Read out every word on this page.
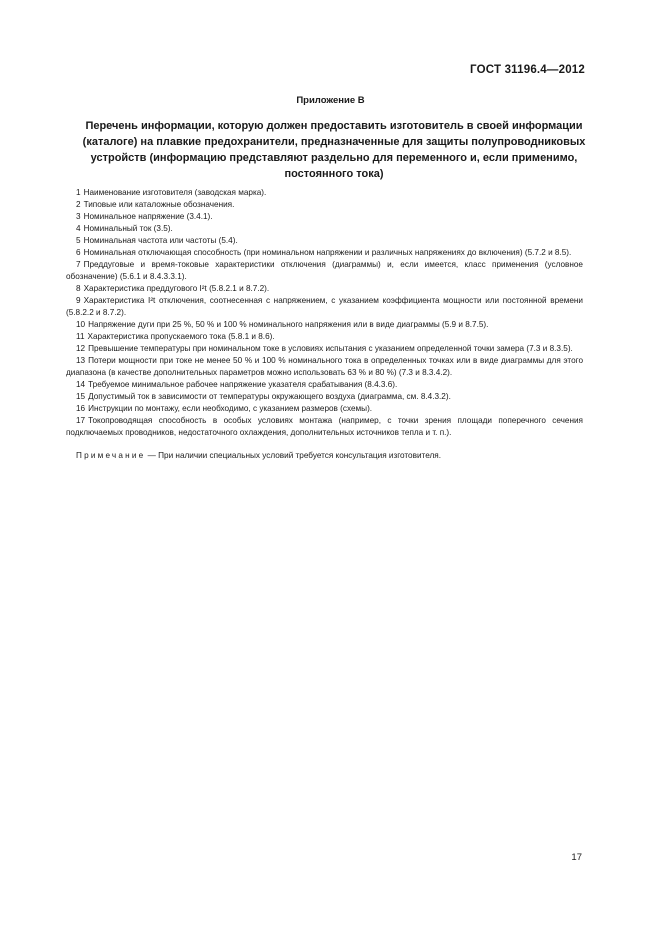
ГОСТ 31196.4—2012
Приложение В
Перечень информации, которую должен предоставить изготовитель в своей информации (каталоге) на плавкие предохранители, предназначенные для защиты полупроводниковых устройств (информацию представляют раздельно для переменного и, если применимо, постоянного тока)

1 Наименование изготовителя (заводская марка).

2 Типовые или каталожные обозначения.

3 Номинальное напряжение (3.4.1).

4 Номинальный ток (3.5).

5 Номинальная частота или частоты (5.4).

6 Номинальная отключающая способность (при номинальном напряжении и различных напряжениях до включения) (5.7.2 и 8.5).

7 Преддуговые и время-токовые характеристики отключения (диаграммы) и, если имеется, класс применения (условное обозначение) (5.6.1 и 8.4.3.3.1).

8 Характеристика преддугового I²t (5.8.2.1 и 8.7.2).

9 Характеристика I²t отключения, соотнесенная с напряжением, с указанием коэффициента мощности или постоянной времени (5.8.2.2 и 8.7.2).

10 Напряжение дуги при 25 %, 50 % и 100 % номинального напряжения или в виде диаграммы (5.9 и 8.7.5).

11 Характеристика пропускаемого тока (5.8.1 и 8.6).

12 Превышение температуры при номинальном токе в условиях испытания с указанием определенной точки замера (7.3 и 8.3.5).

13 Потери мощности при токе не менее 50 % и 100 % номинального тока в определенных точках или в виде диаграммы для этого диапазона (в качестве дополнительных параметров можно использовать 63 % и 80 %) (7.3 и 8.3.4.2).

14 Требуемое минимальное рабочее напряжение указателя срабатывания (8.4.3.6).

15 Допустимый ток в зависимости от температуры окружающего воздуха (диаграмма, см. 8.4.3.2).

16 Инструкции по монтажу, если необходимо, с указанием размеров (схемы).

17 Токопроводящая способность в особых условиях монтажа (например, с точки зрения площади поперечного сечения подключаемых проводников, недостаточного охлаждения, дополнительных источников тепла и т. п.).

Примечание — При наличии специальных условий требуется консультация изготовителя.
17
